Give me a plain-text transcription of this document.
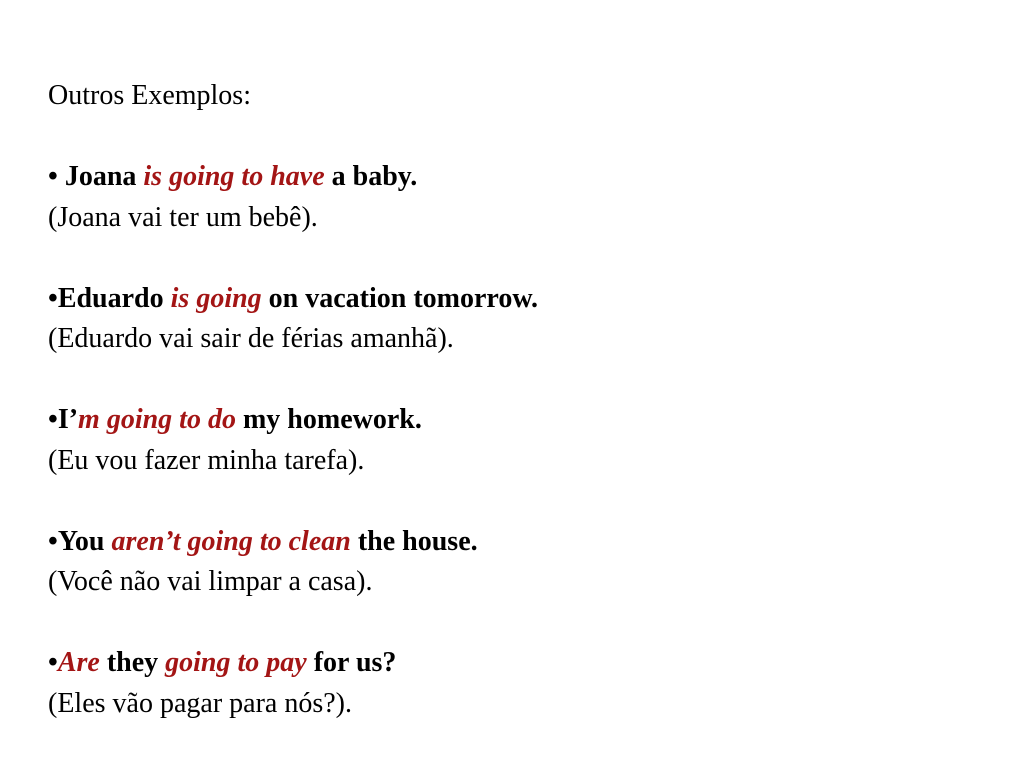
Outros Exemplos:
• Joana is going to have a baby.
(Joana vai ter um bebê).
•Eduardo is going on vacation tomorrow.
(Eduardo vai sair de férias amanhã).
•I’m going to do my homework.
(Eu vou fazer minha tarefa).
•You aren’t going to clean the house.
(Você não vai limpar a casa).
•Are they going to pay for us?
(Eles vão pagar para nós?).
